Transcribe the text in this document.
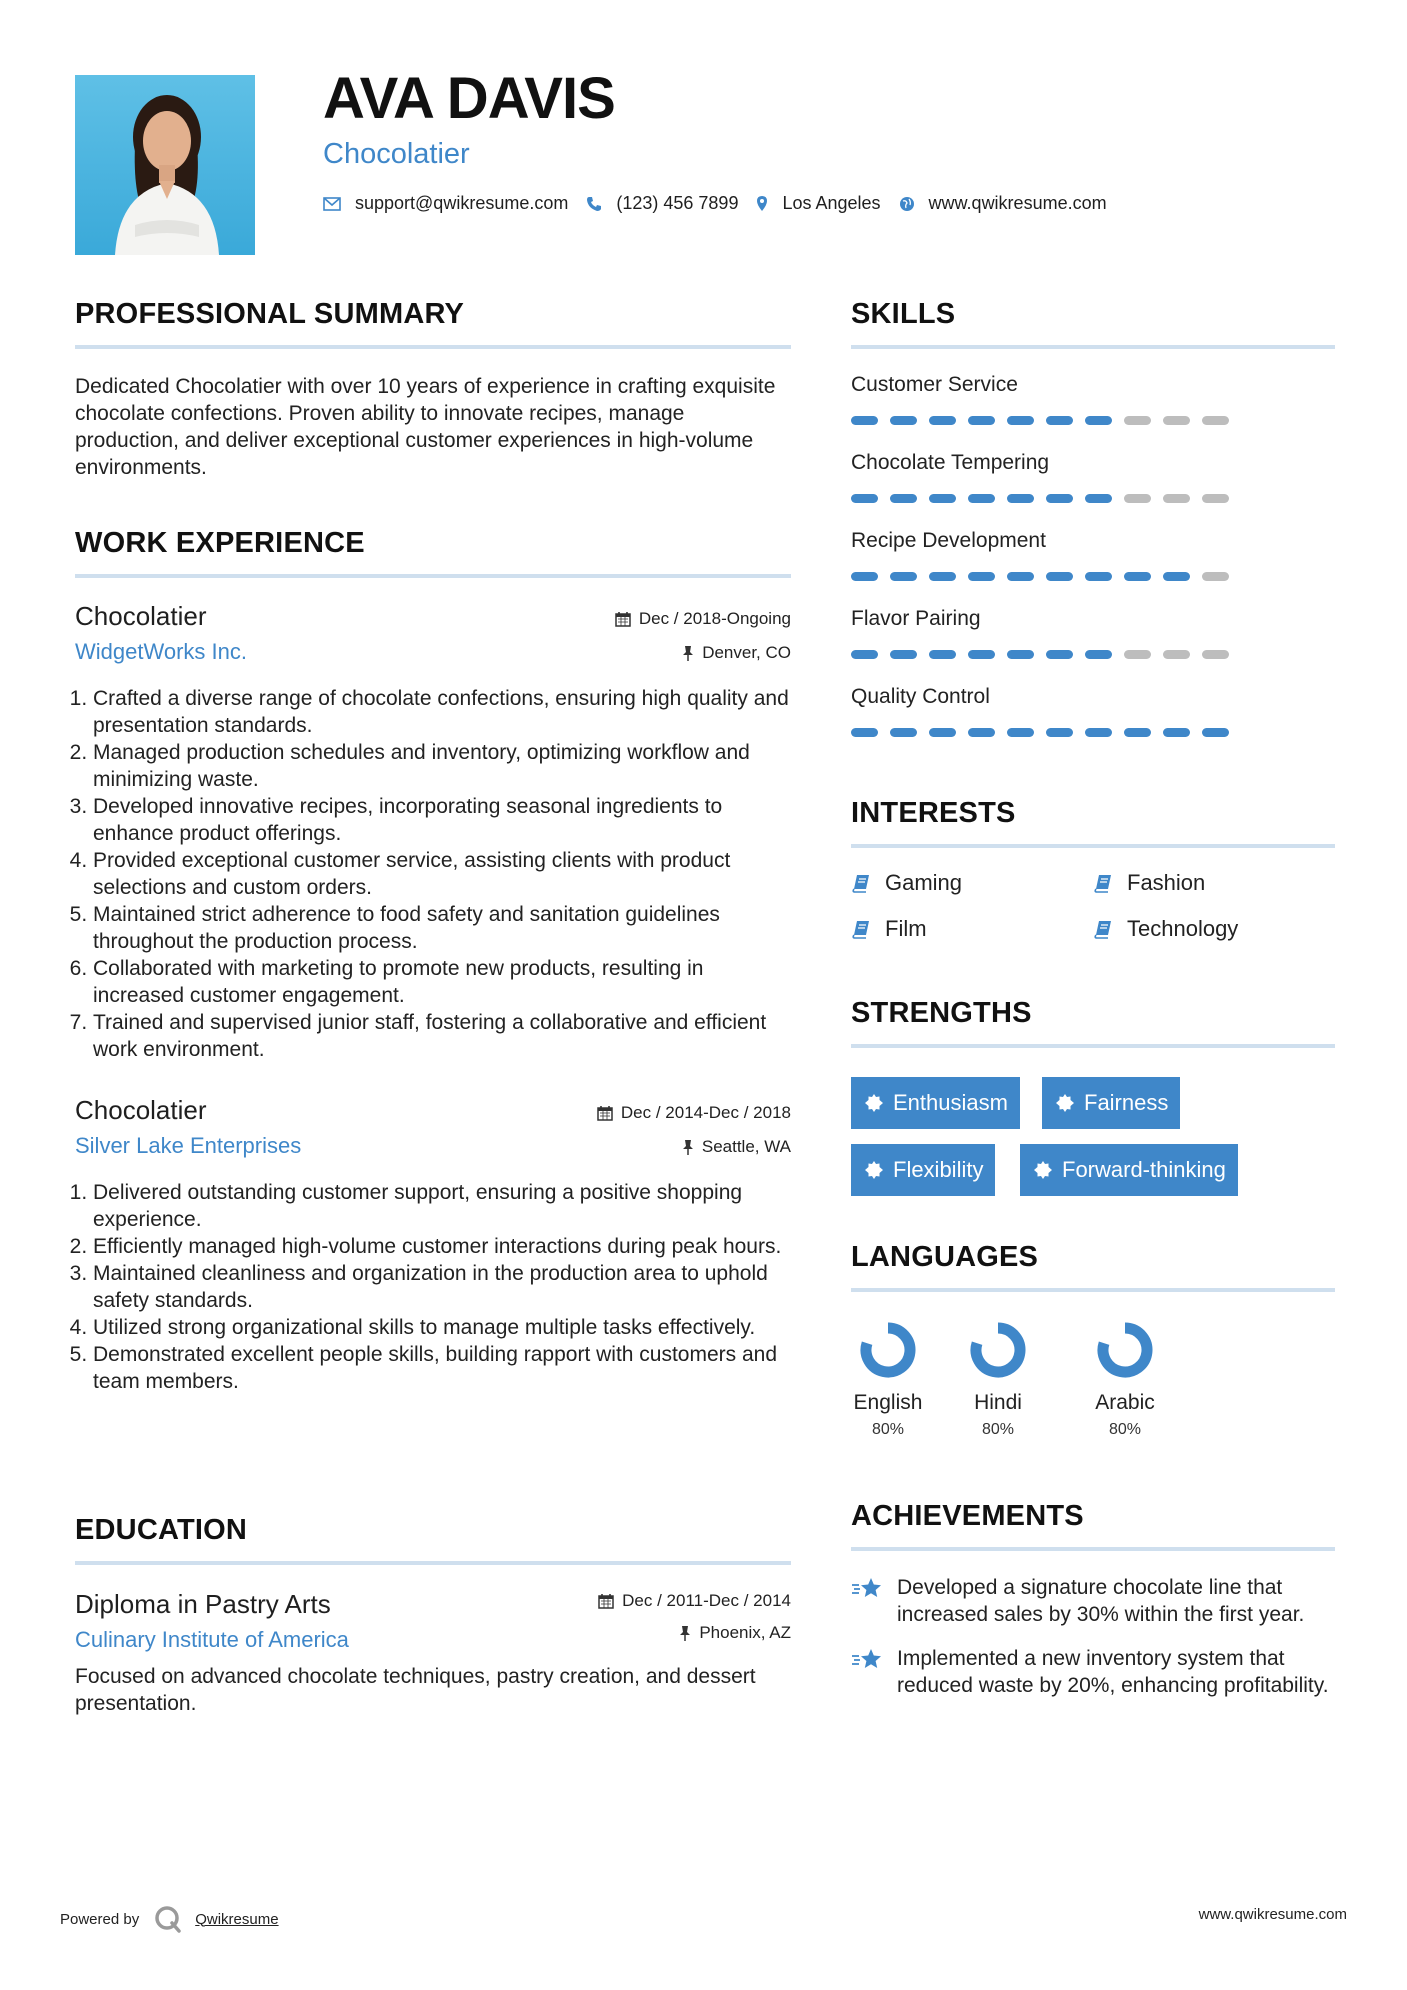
AVA DAVIS
Chocolatier
support@qwikresume.com	(123) 456 7899 Los Angeles	www.qwikresume.com
PROFESSIONAL SUMMARY
Dedicated Chocolatier with over 10 years of experience in crafting exquisite chocolate confections. Proven ability to innovate recipes, manage production, and deliver exceptional customer experiences in high-volume environments.
WORK EXPERIENCE
Chocolatier
WidgetWorks Inc.
Dec / 2018-Ongoing
Denver, CO
1. Crafted a diverse range of chocolate confections, ensuring high quality and presentation standards.
2. Managed production schedules and inventory, optimizing workflow and minimizing waste.
3. Developed innovative recipes, incorporating seasonal ingredients to enhance product offerings.
4. Provided exceptional customer service, assisting clients with product selections and custom orders.
5. Maintained strict adherence to food safety and sanitation guidelines throughout the production process.
6. Collaborated with marketing to promote new products, resulting in increased customer engagement.
7. Trained and supervised junior staff, fostering a collaborative and efficient work environment.
Chocolatier
Silver Lake Enterprises
Dec / 2014-Dec / 2018
Seattle, WA
1. Delivered outstanding customer support, ensuring a positive shopping experience.
2. Efficiently managed high-volume customer interactions during peak hours.
3. Maintained cleanliness and organization in the production area to uphold safety standards.
4. Utilized strong organizational skills to manage multiple tasks effectively.
5. Demonstrated excellent people skills, building rapport with customers and team members.
EDUCATION
Diploma in Pastry Arts
Culinary Institute of America
Dec / 2011-Dec / 2014
Phoenix, AZ
Focused on advanced chocolate techniques, pastry creation, and dessert presentation.
SKILLS
Customer Service
Chocolate Tempering
Recipe Development
Flavor Pairing
Quality Control
INTERESTS
Gaming	Fashion
Film	Technology
STRENGTHS
Enthusiasm	Fairness
Flexibility	Forward-thinking
LANGUAGES
English
80%
Hindi
80%
Arabic
80%
ACHIEVEMENTS
Developed a signature chocolate line that increased sales by 30% within the first year.
Implemented a new inventory system that reduced waste by 20%, enhancing profitability.
Powered by	Qwikresume	www.qwikresume.com
